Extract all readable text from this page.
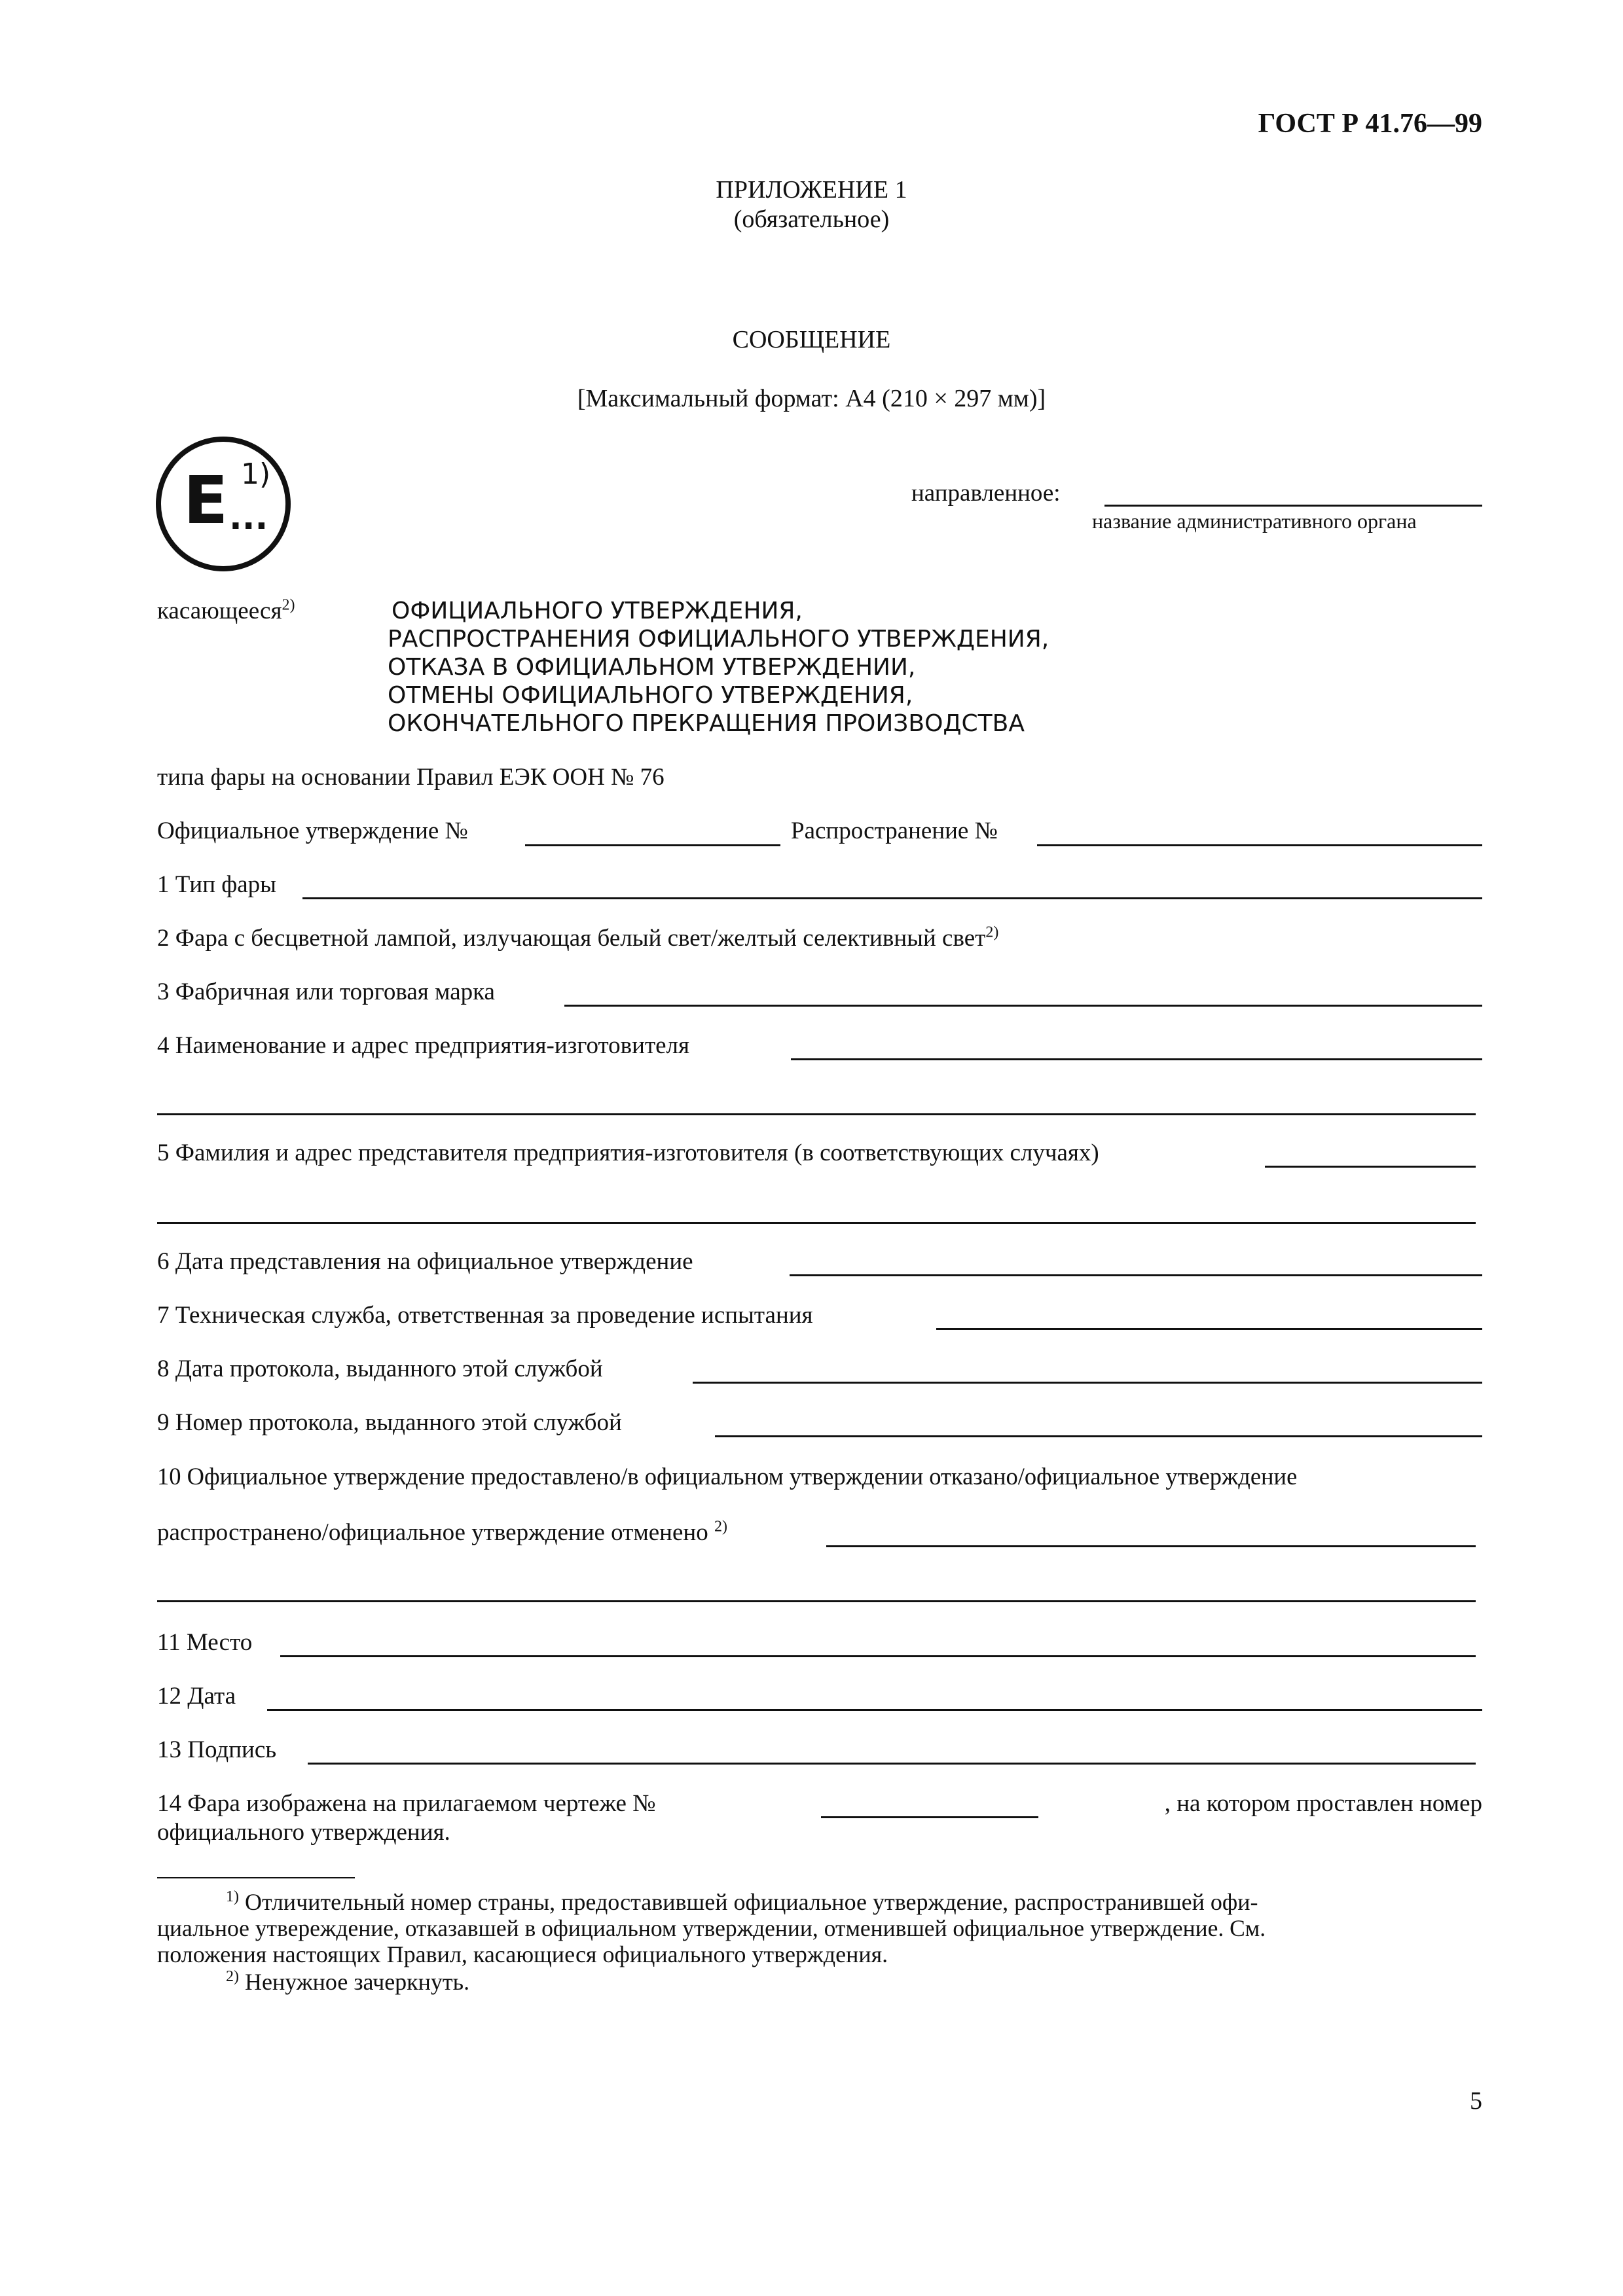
ГОСТ Р 41.76—99
ПРИЛОЖЕНИЕ 1
(обязательное)
СООБЩЕНИЕ
[Максимальный формат: А4 (210 × 297 мм)]
E 1)
...
направленное:
название административного органа
касающееся$^{2)}$	ОФИЦИАЛЬНОГО УТВЕРЖДЕНИЯ,
РАСПРОСТРАНЕНИЯ ОФИЦИАЛЬНОГО УТВЕРЖДЕНИЯ,
ОТКАЗА В ОФИЦИАЛЬНОМ УТВЕРЖДЕНИИ,
ОТМЕНЫ ОФИЦИАЛЬНОГО УТВЕРЖДЕНИЯ,
ОКОНЧАТЕЛЬНОГО ПРЕКРАЩЕНИЯ ПРОИЗВОДСТВА
типа фары на основании Правил ЕЭК ООН № 76
Официальное утверждение №	Распространение №
1 Тип фары
2 Фара с бесцветной лампой, излучающая белый свет/желтый селективный свет$^{2)}$
3 Фабричная или торговая марка
4 Наименование и адрес предприятия-изготовителя
5 Фамилия и адрес представителя предприятия-изготовителя (в соответствующих случаях)
6 Дата представления на официальное утверждение
7 Техническая служба, ответственная за проведение испытания
8 Дата протокола, выданного этой службой
9 Номер протокола, выданного этой службой
10 Официальное утверждение предоставлено/в официальном утверждении отказано/официальное утверждение
распространено/официальное утверждение отменено $^{2)}$
11 Место
12 Дата
13 Подпись
14 Фара изображена на прилагаемом чертеже №	, на котором проставлен номер
официального утверждения.
$^{1)}$ Отличительный номер страны, предоставившей официальное утверждение, распространившей офи-
циальное утвереждение, отказавшей в официальном утверждении, отменившей официальное утверждение. См.
положения настоящих Правил, касающиеся официального утверждения.
$^{2)}$ Ненужное зачеркнуть.
5
